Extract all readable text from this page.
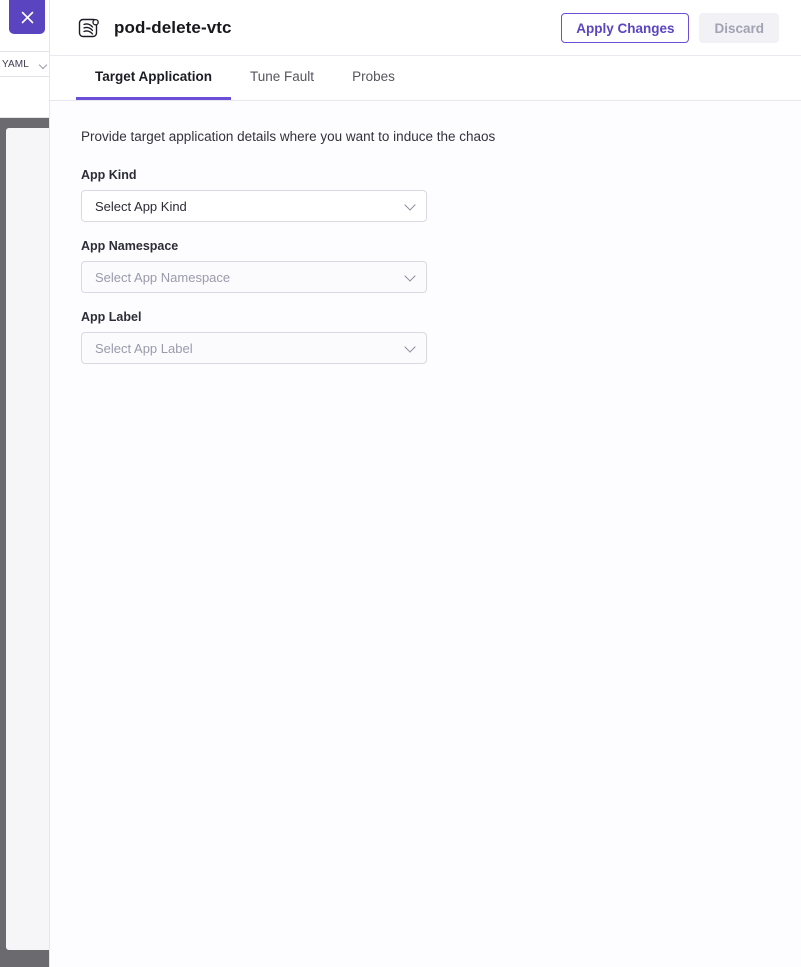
YAML
pod-delete-vtc	Apply Changes	Discard
Target Application	Tune Fault	Probes

Provide target application details where you want to induce the chaos

App Kind
Select App Kind
App Namespace
Select App Namespace
App Label
Select App Label
